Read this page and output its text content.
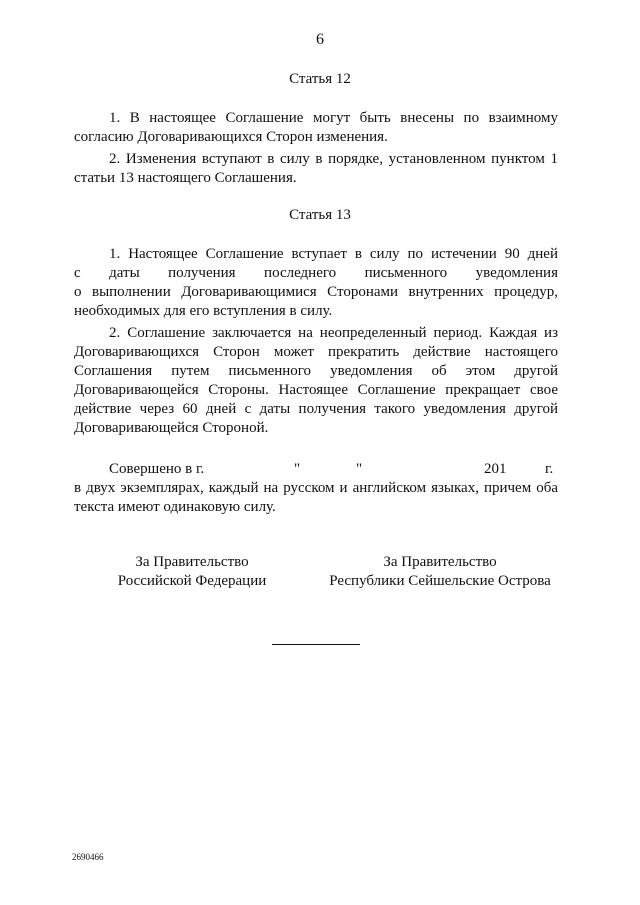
6
Статья 12
1. В настоящее Соглашение могут быть внесены по взаимному
согласию Договаривающихся Сторон изменения.
2. Изменения вступают в силу в порядке, установленном пунктом 1
статьи 13 настоящего Соглашения.
Статья 13
1. Настоящее Соглашение вступает в силу по истечении 90 дней
с даты получения последнего письменного уведомления
о выполнении Договаривающимися Сторонами внутренних процедур,
необходимых для его вступления в силу.
2. Соглашение заключается на неопределенный период. Каждая из
Договаривающихся Сторон может прекратить действие настоящего
Соглашения путем письменного уведомления об этом другой
Договаривающейся Стороны. Настоящее Соглашение прекращает свое
действие через 60 дней с даты получения такого уведомления другой
Договаривающейся Стороной.
Совершено в г.	"	"	201	г.
в двух экземплярах, каждый на русском и английском языках, причем оба
текста имеют одинаковую силу.
За Правительство
Российской Федерации
За Правительство
Республики Сейшельские Острова
2690466
